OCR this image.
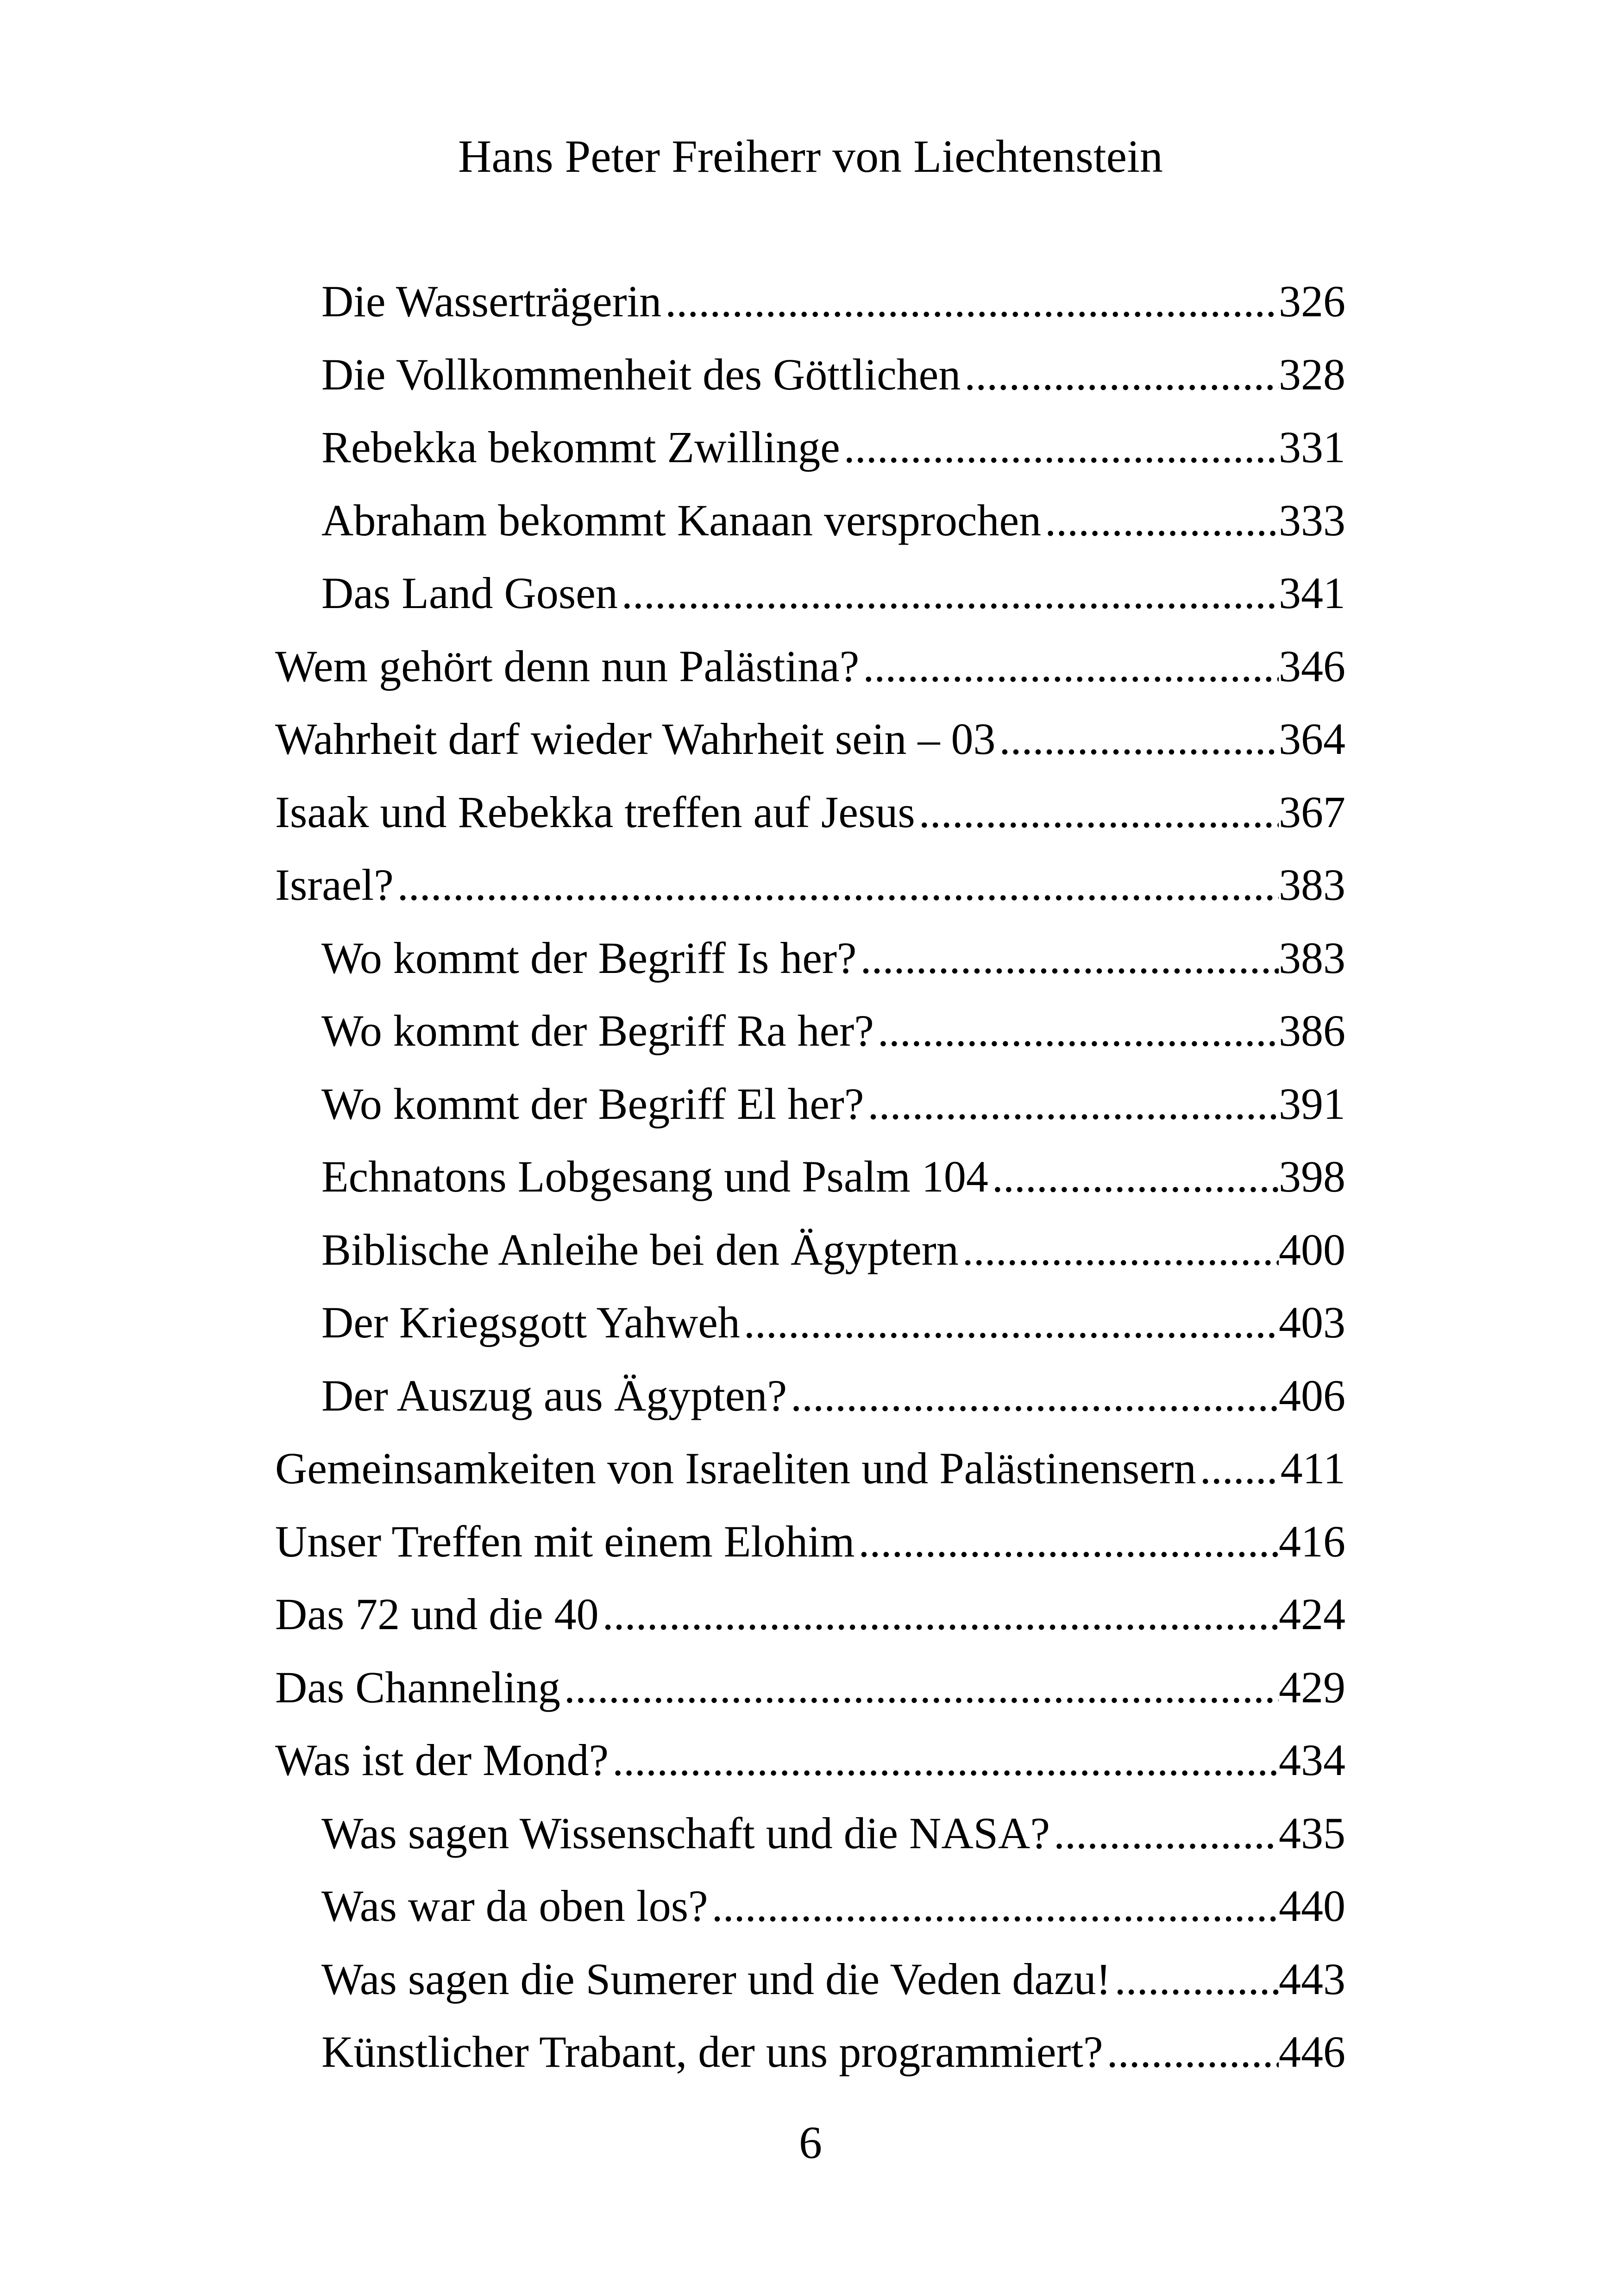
Hans Peter Freiherr von Liechtenstein
Die Wasserträgerin .....	326
Die Vollkommenheit des Göttlichen .....	328
Rebekka bekommt Zwillinge .....	331
Abraham bekommt Kanaan versprochen .....	333
Das Land Gosen .....	341
Wem gehört denn nun Palästina? .....	346
Wahrheit darf wieder Wahrheit sein – 03 .....	364
Isaak und Rebekka treffen auf Jesus .....	367
Israel? .....	383
Wo kommt der Begriff Is her? .....	383
Wo kommt der Begriff Ra her? .....	386
Wo kommt der Begriff El her? .....	391
Echnatons Lobgesang und Psalm 104 .....	398
Biblische Anleihe bei den Ägyptern .....	400
Der Kriegsgott Yahweh .....	403
Der Auszug aus Ägypten? .....	406
Gemeinsamkeiten von Israeliten und Palästinensern ..... 411
Unser Treffen mit einem Elohim .....	416
Das 72 und die 40 .....	424
Das Channeling .....	429
Was ist der Mond? .....	434
Was sagen Wissenschaft und die NASA? .....	435
Was war da oben los? .....	440
Was sagen die Sumerer und die Veden dazu! .....	443
Künstlicher Trabant, der uns programmiert? .....	446
6
